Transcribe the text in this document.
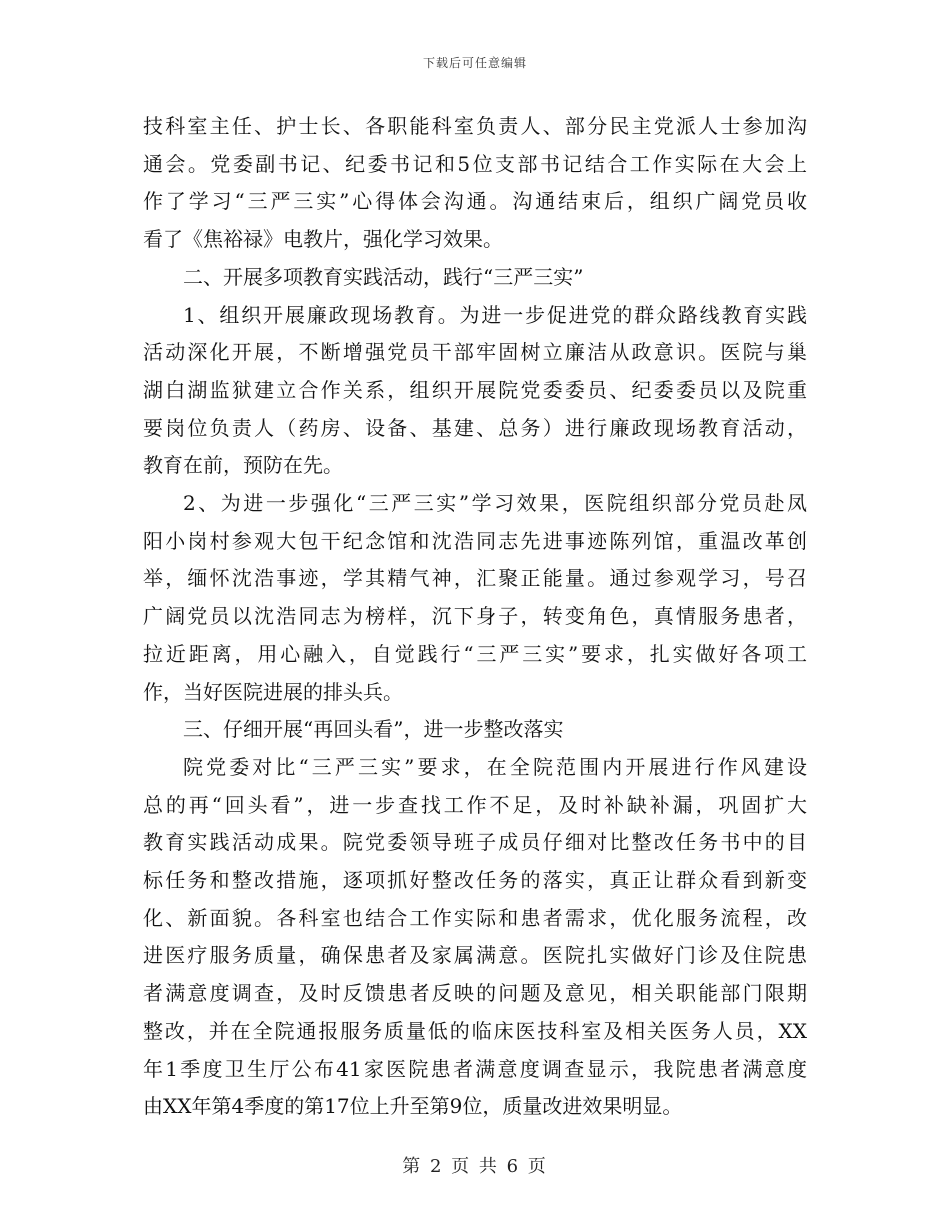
下载后可任意编辑
技科室主任、护士长、各职能科室负责人、部分民主党派人士参加沟
通会。党委副书记、纪委书记和5位支部书记结合工作实际在大会上
作了学习“三严三实”心得体会沟通。沟通结束后，组织广阔党员收
看了《焦裕禄》电教片，强化学习效果。
二、开展多项教育实践活动，践行“三严三实”
1、组织开展廉政现场教育。为进一步促进党的群众路线教育实践
活动深化开展，不断增强党员干部牢固树立廉洁从政意识。医院与巢
湖白湖监狱建立合作关系，组织开展院党委委员、纪委委员以及院重
要岗位负责人（药房、设备、基建、总务）进行廉政现场教育活动，
教育在前，预防在先。
2、为进一步强化“三严三实”学习效果，医院组织部分党员赴凤
阳小岗村参观大包干纪念馆和沈浩同志先进事迹陈列馆，重温改革创
举，缅怀沈浩事迹，学其精气神，汇聚正能量。通过参观学习，号召
广阔党员以沈浩同志为榜样，沉下身子，转变角色，真情服务患者，
拉近距离，用心融入，自觉践行“三严三实”要求，扎实做好各项工
作，当好医院进展的排头兵。
三、仔细开展“再回头看”，进一步整改落实
院党委对比“三严三实”要求，在全院范围内开展进行作风建设
总的再“回头看”，进一步查找工作不足，及时补缺补漏，巩固扩大
教育实践活动成果。院党委领导班子成员仔细对比整改任务书中的目
标任务和整改措施，逐项抓好整改任务的落实，真正让群众看到新变
化、新面貌。各科室也结合工作实际和患者需求，优化服务流程，改
进医疗服务质量，确保患者及家属满意。医院扎实做好门诊及住院患
者满意度调查，及时反馈患者反映的问题及意见，相关职能部门限期
整改，并在全院通报服务质量低的临床医技科室及相关医务人员，XX
年1季度卫生厅公布41家医院患者满意度调查显示，我院患者满意度
由XX年第4季度的第17位上升至第9位，质量改进效果明显。
第 2 页 共 6 页
